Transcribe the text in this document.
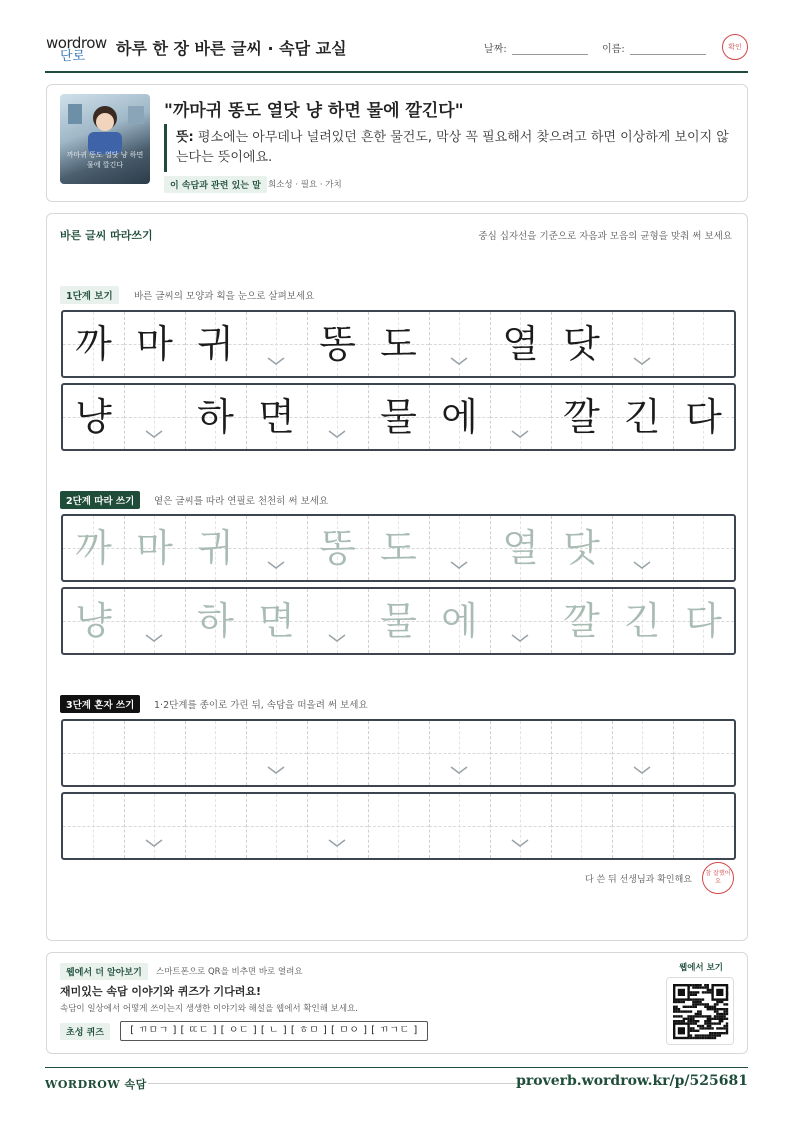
wordrow
단로 하루 한 장 바른 글씨 · 속담 교실	날짜:	이름:	확인
까마귀 똥도 열닷 냥 하면
물에 깔긴다
"까마귀 똥도 열닷 냥 하면 물에 깔긴다"
뜻: 평소에는 아무데나 널려있던 흔한 물건도, 막상 꼭 필요해서 찾으려고 하면 이상하게 보이지 않는다는 뜻이에요.
이 속담과 관련 있는 말 희소성 · 필요 · 가치
바른 글씨 따라쓰기	중심 십자선을 기준으로 자음과 모음의 균형을 맞춰 써 보세요
1단계 보기	바른 글씨의 모양과 획을 눈으로 살펴보세요
2단계 따라 쓰기	옅은 글씨를 따라 연필로 천천히 써 보세요
3단계 혼자 쓰기	1·2단계를 종이로 가린 뒤, 속담을 떠올려 써 보세요
까 마 귀	똥 도	열 닷
냥	하 면	물 에	깔 긴 다
까 마 귀	똥 도	열 닷
냥	하 면	물 에	깔 긴 다
다 쓴 뒤 선생님과 확인해요
참 잘했어요
웹에서 더 알아보기	스마트폰으로 QR을 비추면 바로 열려요
재미있는 속담 이야기와 퀴즈가 기다려요!
속담이 일상에서 어떻게 쓰이는지 생생한 이야기와 해설을 웹에서 확인해 보세요.
초성 퀴즈	[ ㄲㅁㄱ ] [ ㄸㄷ ] [ ㅇㄷ ] [ ㄴ ] [ ㅎㅁ ] [ ㅁㅇ ] [ ㄲㄱㄷ ]
웹에서 보기
WORDROW 속담	proverb.wordrow.kr/p/525681
